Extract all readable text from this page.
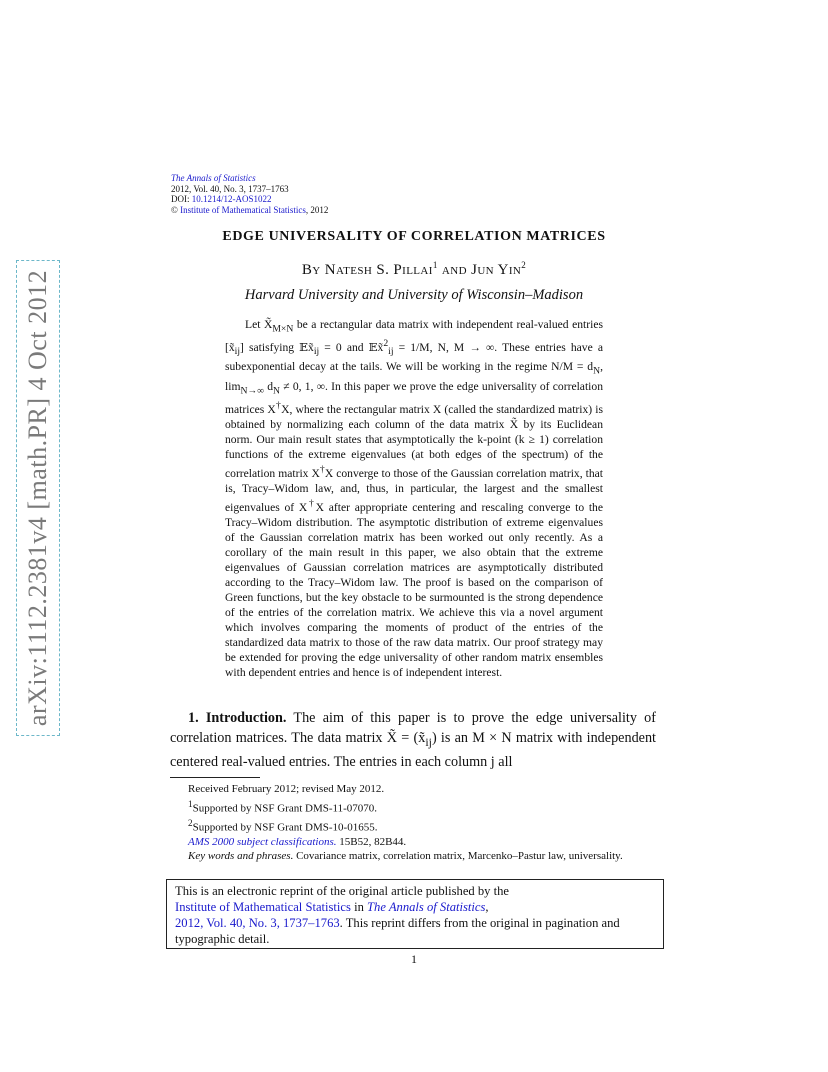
arXiv:1112.2381v4 [math.PR] 4 Oct 2012
The Annals of Statistics
2012, Vol. 40, No. 3, 1737–1763
DOI: 10.1214/12-AOS1022
© Institute of Mathematical Statistics, 2012
EDGE UNIVERSALITY OF CORRELATION MATRICES
By Natesh S. Pillai$^1$ and Jun Yin$^2$
Harvard University and University of Wisconsin–Madison

Let $X̃_{M\times N}$ be a rectangular data matrix with independent real-valued entries $[x̃_{ij}]$ satisfying $𝔼x̃_{ij} = 0$ and 𝔼x̃$^2_{ij}$ = 1/M, N, M → ∞. These entries have a subexponential decay at the tails. We will be working in the regime $N/M = d_N$, $\lim_{N\to\infty} d_N \ne 0$, 1, ∞. In this paper we prove the edge universality of correlation matrices X†X, where the rectangular matrix X (called the standardized matrix) is obtained by normalizing each column of the data matrix X̃ by its Euclidean norm. Our main result states that asymptotically the k-point (k ≥ 1) correlation functions of the extreme eigenvalues (at both edges of the spectrum) of the correlation matrix X†X converge to those of the Gaussian correlation matrix, that is, Tracy–Widom law, and, thus, in particular, the largest and the smallest eigenvalues of X†X after appropriate centering and rescaling converge to the Tracy–Widom distribution. The asymptotic distribution of extreme eigenvalues of the Gaussian correlation matrix has been worked out only recently. As a corollary of the main result in this paper, we also obtain that the extreme eigenvalues of Gaussian correlation matrices are asymptotically distributed according to the Tracy–Widom law. The proof is based on the comparison of Green functions, but the key obstacle to be surmounted is the strong dependence of the entries of the correlation matrix. We achieve this via a novel argument which involves comparing the moments of product of the entries of the standardized data matrix to those of the raw data matrix. Our proof strategy may be extended for proving the edge universality of other random matrix ensembles with dependent entries and hence is of independent interest.

1. Introduction. The aim of this paper is to prove the edge universality of correlation matrices. The data matrix X̃ = $(x̃_{ij})$ is an M × N matrix with independent centered real-valued entries. The entries in each column j all

Received February 2012; revised May 2012.
$^1$Supported by NSF Grant DMS-11-07070.
$^2$Supported by NSF Grant DMS-10-01655.
AMS 2000 subject classifications. 15B52, 82B44.
Key words and phrases. Covariance matrix, correlation matrix, Marcenko–Pastur law, universality.
This is an electronic reprint of the original article published by the
Institute of Mathematical Statistics in The Annals of Statistics,
2012, Vol. 40, No. 3, 1737–1763. This reprint differs from the original in pagination and typographic detail.
1
